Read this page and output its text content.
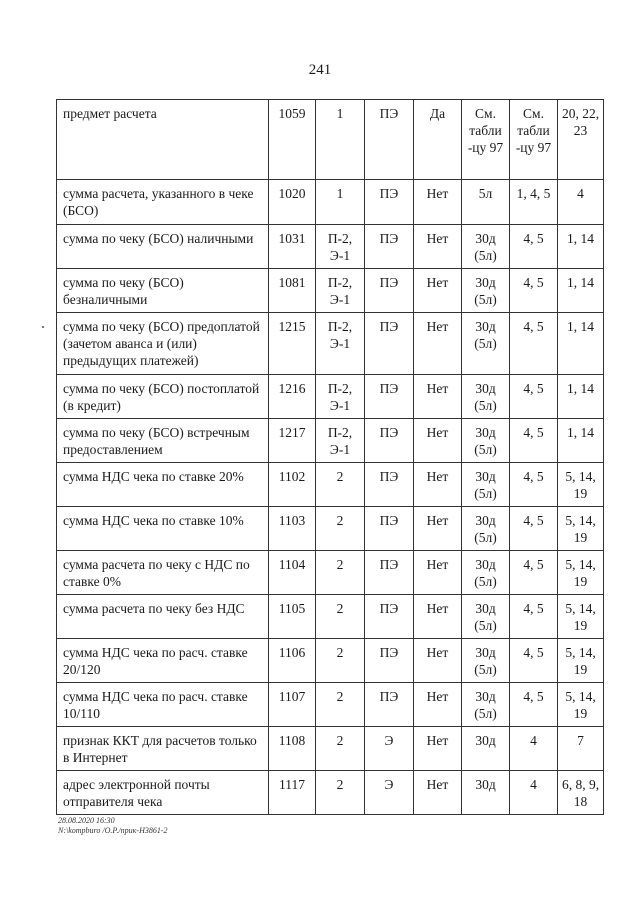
241
предмет расчета	1059	1	ПЭ	Да	См. табли -цу 97	См. табли -цу 97	20, 22, 23
сумма расчета, указанного в чеке (БСО)	1020	1	ПЭ	Нет	5л	1, 4, 5	4
сумма по чеку (БСО) наличными	1031	П-2, Э-1	ПЭ	Нет	30д (5л)	4, 5	1, 14
сумма по чеку (БСО) безналичными	1081	П-2, Э-1	ПЭ	Нет	30д (5л)	4, 5	1, 14
сумма по чеку (БСО) предоплатой (зачетом аванса и (или) предыдущих платежей)	1215	П-2, Э-1	ПЭ	Нет	30д (5л)	4, 5	1, 14
сумма по чеку (БСО) постоплатой (в кредит)	1216	П-2, Э-1	ПЭ	Нет	30д (5л)	4, 5	1, 14
сумма по чеку (БСО) встречным предоставлением	1217	П-2, Э-1	ПЭ	Нет	30д (5л)	4, 5	1, 14
сумма НДС чека по ставке 20%	1102	2	ПЭ	Нет	30д (5л)	4, 5	5, 14, 19
сумма НДС чека по ставке 10%	1103	2	ПЭ	Нет	30д (5л)	4, 5	5, 14, 19
сумма расчета по чеку с НДС по ставке 0%	1104	2	ПЭ	Нет	30д (5л)	4, 5	5, 14, 19
сумма расчета по чеку без НДС	1105	2	ПЭ	Нет	30д (5л)	4, 5	5, 14, 19
сумма НДС чека по расч. ставке 20/120	1106	2	ПЭ	Нет	30д (5л)	4, 5	5, 14, 19
сумма НДС чека по расч. ставке 10/110	1107	2	ПЭ	Нет	30д (5л)	4, 5	5, 14, 19
признак ККТ для расчетов только в Интернет	1108	2	Э	Нет	30д	4	7
адрес электронной почты отправителя чека	1117	2	Э	Нет	30д	4	6, 8, 9, 18
28.08.2020 16:30
N:\kompburo /О.Р./прик-Н3861-2
